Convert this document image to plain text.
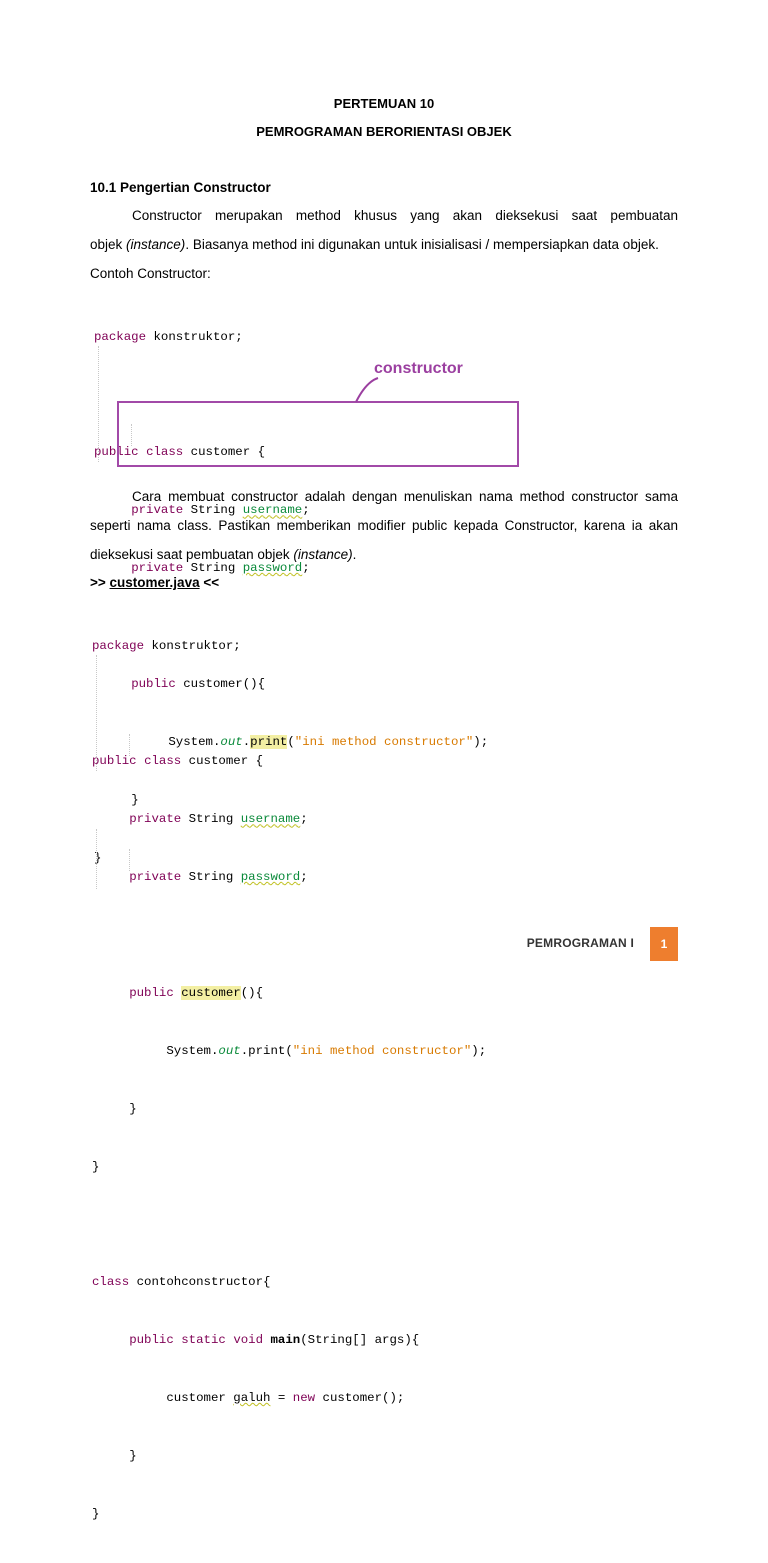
PERTEMUAN 10
PEMROGRAMAN BERORIENTASI OBJEK
10.1 Pengertian Constructor
Constructor merupakan method khusus yang akan dieksekusi saat pembuatan
objek (instance). Biasanya method ini digunakan untuk inisialisasi / mempersiapkan data objek.
Contoh Constructor:

package konstruktor;

public class customer {

private String username;

private String password;

public customer(){

System.out.print("ini method constructor");

}

}

constructor
Cara membuat constructor adalah dengan menuliskan nama method constructor sama
seperti nama class. Pastikan memberikan modifier public kepada Constructor, karena ia akan
dieksekusi saat pembuatan objek (instance).
>> customer.java <<

package konstruktor;

public class customer {

private String username;

private String password;

public customer(){

System.out.print("ini method constructor");

}

}

class contohconstructor{

public static void main(String[] args){

customer galuh = new customer();

}

}

PEMROGRAMAN I	1
